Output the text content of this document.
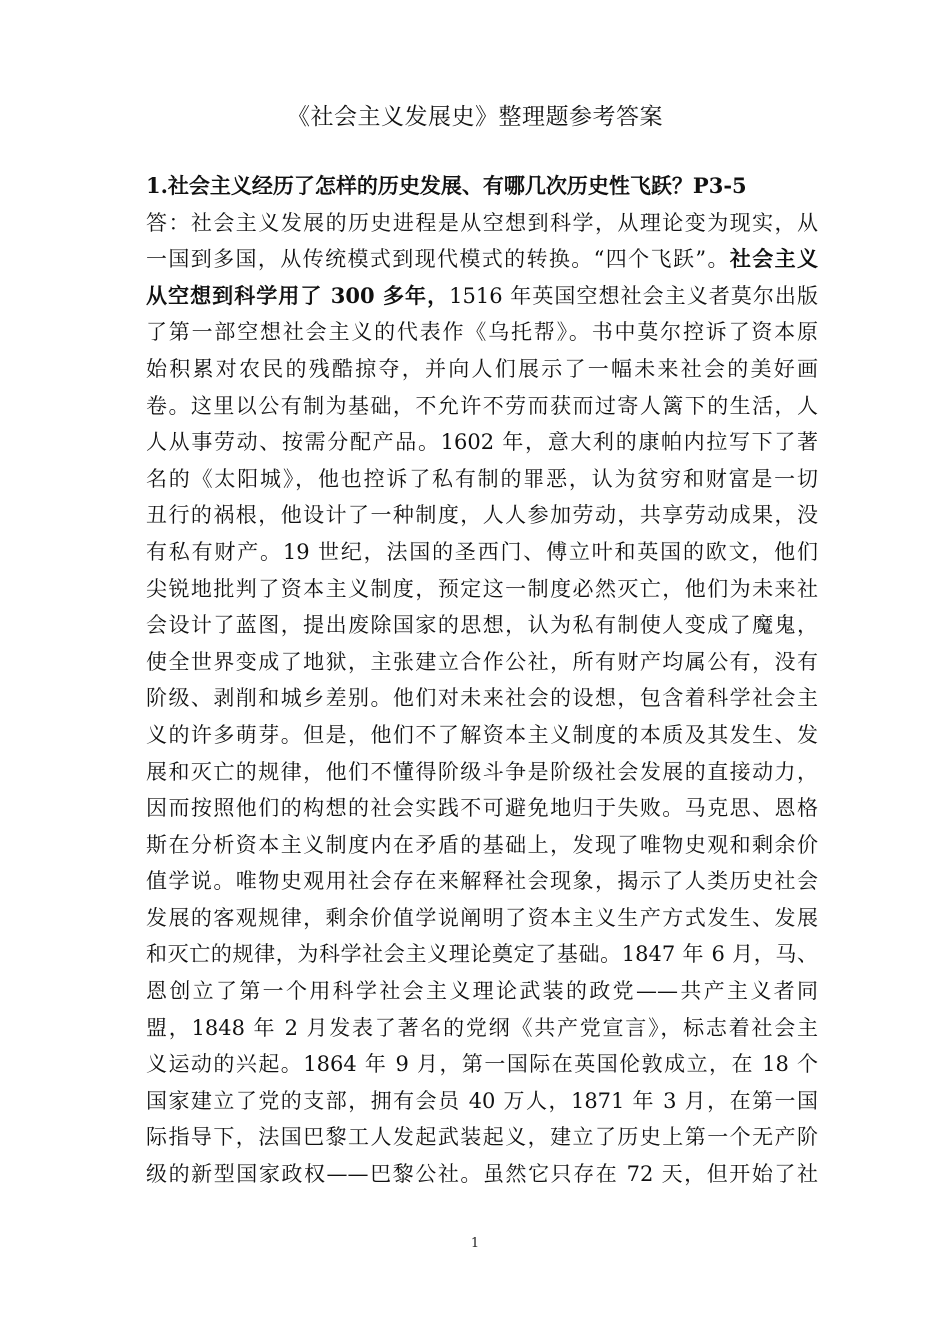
《社会主义发展史》整理题参考答案
1.社会主义经历了怎样的历史发展、有哪几次历史性飞跃？P3-5
答：社会主义发展的历史进程是从空想到科学，从理论变为现实，从
一国到多国，从传统模式到现代模式的转换。“四个飞跃”。社会主义
从空想到科学用了 300 多年，1516 年英国空想社会主义者莫尔出版
了第一部空想社会主义的代表作《乌托帮》。书中莫尔控诉了资本原
始积累对农民的残酷掠夺，并向人们展示了一幅未来社会的美好画
卷。这里以公有制为基础，不允许不劳而获而过寄人篱下的生活，人
人从事劳动、按需分配产品。1602 年，意大利的康帕内拉写下了著
名的《太阳城》，他也控诉了私有制的罪恶，认为贫穷和财富是一切
丑行的祸根，他设计了一种制度，人人参加劳动，共享劳动成果，没
有私有财产。19 世纪，法国的圣西门、傅立叶和英国的欧文，他们
尖锐地批判了资本主义制度，预定这一制度必然灭亡，他们为未来社
会设计了蓝图，提出废除国家的思想，认为私有制使人变成了魔鬼，
使全世界变成了地狱，主张建立合作公社，所有财产均属公有，没有
阶级、剥削和城乡差别。他们对未来社会的设想，包含着科学社会主
义的许多萌芽。但是，他们不了解资本主义制度的本质及其发生、发
展和灭亡的规律，他们不懂得阶级斗争是阶级社会发展的直接动力，
因而按照他们的构想的社会实践不可避免地归于失败。马克思、恩格
斯在分析资本主义制度内在矛盾的基础上，发现了唯物史观和剩余价
值学说。唯物史观用社会存在来解释社会现象，揭示了人类历史社会
发展的客观规律，剩余价值学说阐明了资本主义生产方式发生、发展
和灭亡的规律，为科学社会主义理论奠定了基础。1847 年 6 月，马、
恩创立了第一个用科学社会主义理论武装的政党——共产主义者同
盟，1848 年 2 月发表了著名的党纲《共产党宣言》，标志着社会主
义运动的兴起。1864 年 9 月，第一国际在英国伦敦成立，在 18 个
国家建立了党的支部，拥有会员 40 万人，1871 年 3 月，在第一国
际指导下，法国巴黎工人发起武装起义，建立了历史上第一个无产阶
级的新型国家政权——巴黎公社。虽然它只存在 72 天，但开始了社
1
